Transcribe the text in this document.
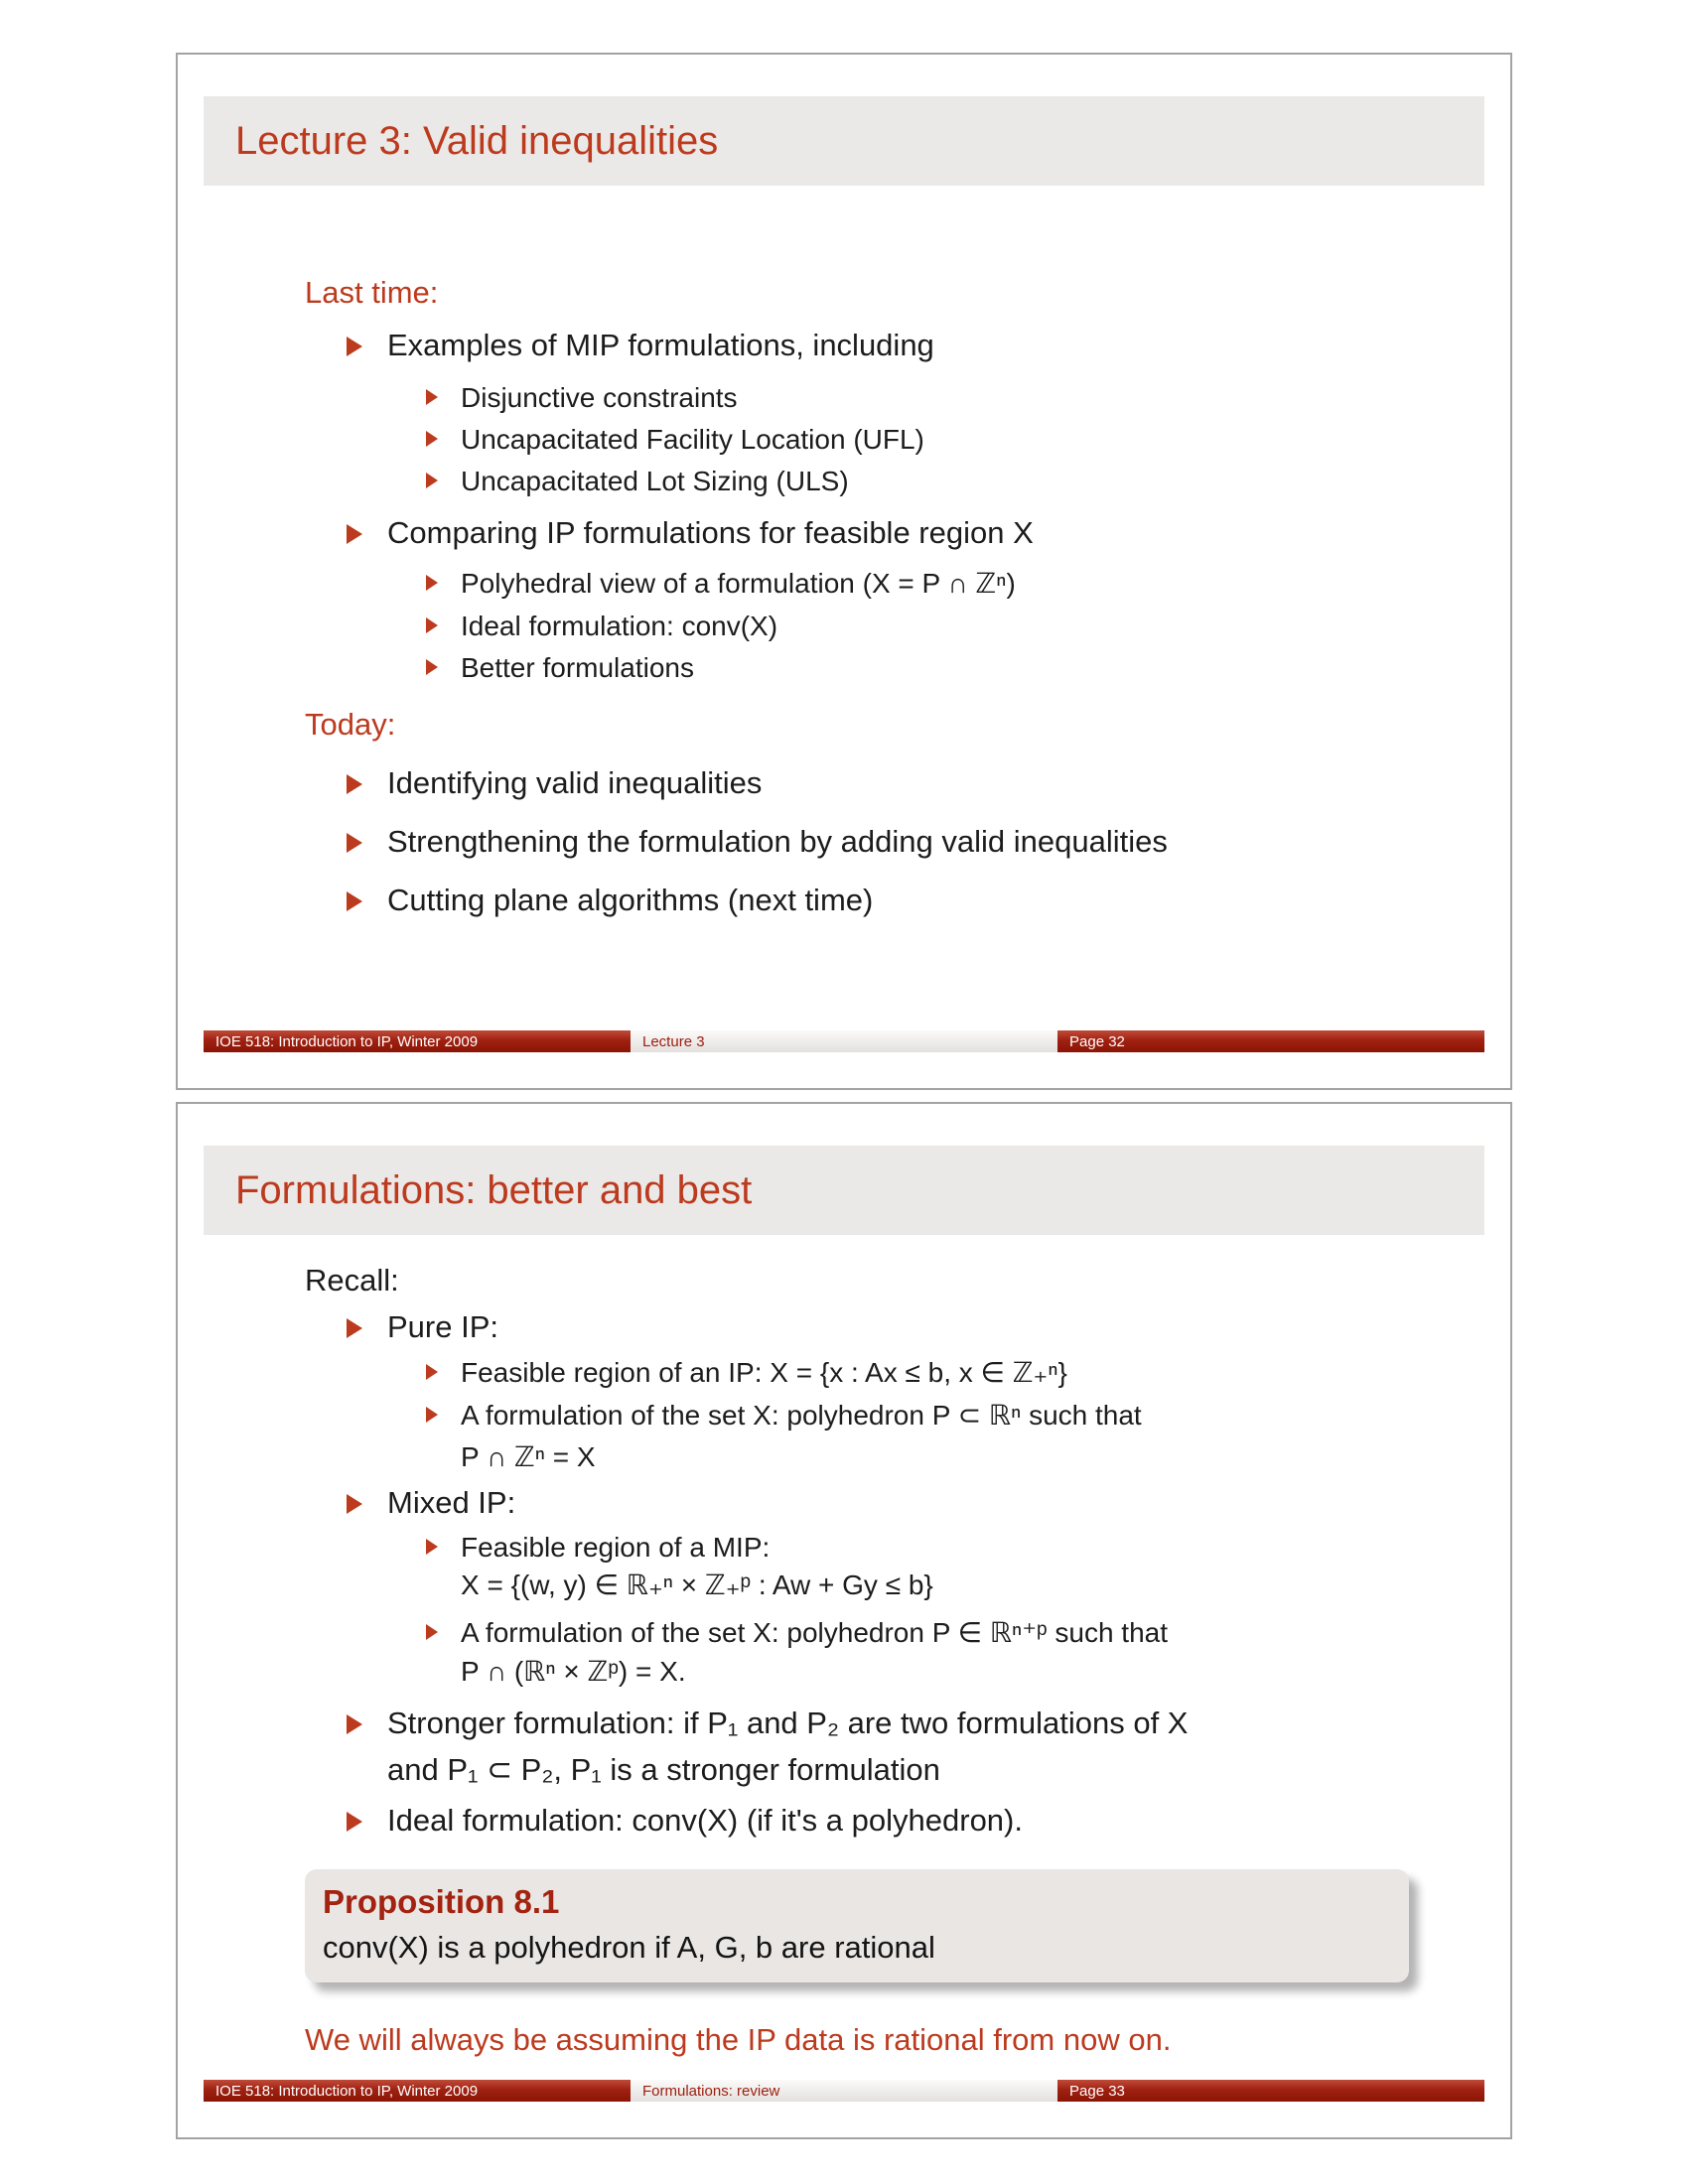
Lecture 3: Valid inequalities
Last time:
Examples of MIP formulations, including
Disjunctive constraints
Uncapacitated Facility Location (UFL)
Uncapacitated Lot Sizing (ULS)
Comparing IP formulations for feasible region X
Polyhedral view of a formulation (X = P ∩ ℤⁿ)
Ideal formulation: conv(X)
Better formulations
Today:
Identifying valid inequalities
Strengthening the formulation by adding valid inequalities
Cutting plane algorithms (next time)
IOE 518: Introduction to IP, Winter 2009	Lecture 3	Page 32
Formulations: better and best
Recall:
Pure IP:
Feasible region of an IP: X = {x : Ax ≤ b, x ∈ ℤ₊ⁿ}
A formulation of the set X: polyhedron P ⊂ ℝⁿ such that
P ∩ ℤⁿ = X
Mixed IP:
Feasible region of a MIP:
X = {(w, y) ∈ ℝ₊ⁿ × ℤ₊ᵖ : Aw + Gy ≤ b}
A formulation of the set X: polyhedron P ∈ ℝⁿ⁺ᵖ such that
P ∩ (ℝⁿ × ℤᵖ) = X.
Stronger formulation: if P₁ and P₂ are two formulations of X
and P₁ ⊂ P₂, P₁ is a stronger formulation
Ideal formulation: conv(X) (if it's a polyhedron).
Proposition 8.1
conv(X) is a polyhedron if A, G, b are rational
We will always be assuming the IP data is rational from now on.
IOE 518: Introduction to IP, Winter 2009	Formulations: review	Page 33
